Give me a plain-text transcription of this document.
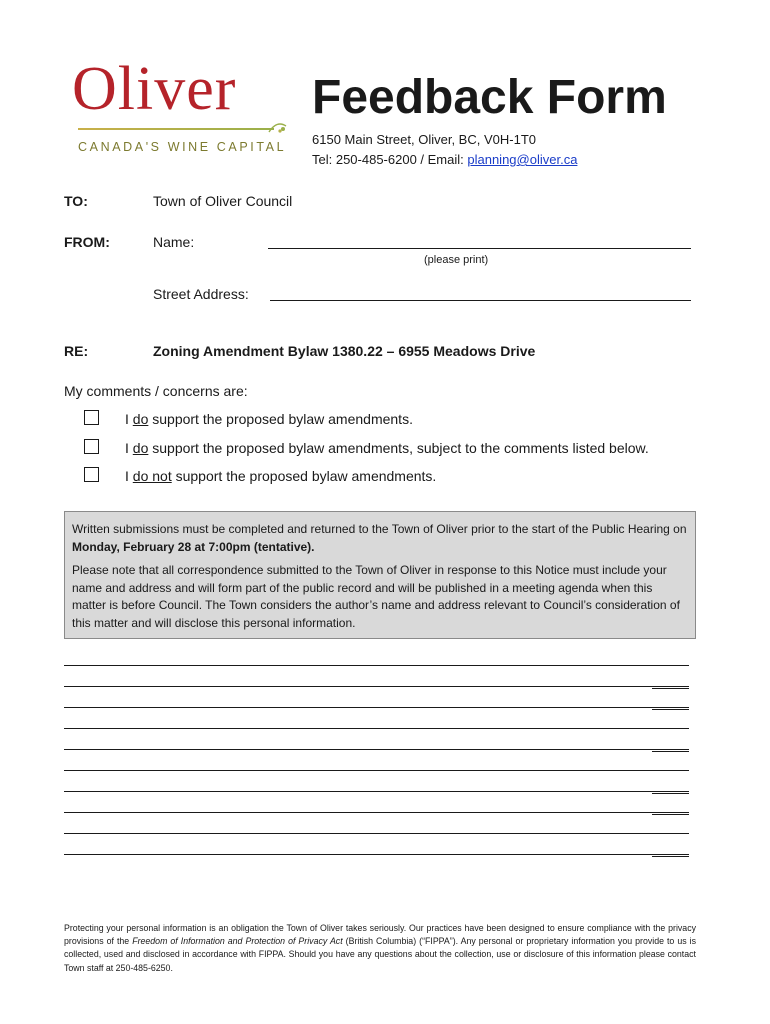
Oliver
CANADA'S WINE CAPITAL
Feedback Form
6150 Main Street, Oliver, BC, V0H-1T0
Tel: 250-485-6200 / Email: planning@oliver.ca
TO:	Town of Oliver Council
FROM:	Name:
(please print)
Street Address:
RE:	Zoning Amendment Bylaw 1380.22 – 6955 Meadows Drive
My comments / concerns are:
I do support the proposed bylaw amendments.
I do support the proposed bylaw amendments, subject to the comments listed below.
I do not support the proposed bylaw amendments.

Written submissions must be completed and returned to the Town of Oliver prior to the start of the Public Hearing on Monday, February 28 at 7:00pm (tentative).

Please note that all correspondence submitted to the Town of Oliver in response to this Notice must include your name and address and will form part of the public record and will be published in a meeting agenda when this matter is before Council. The Town considers the author’s name and address relevant to Council’s consideration of this matter and will disclose this personal information.

Protecting your personal information is an obligation the Town of Oliver takes seriously. Our practices have been designed to ensure compliance with the privacy provisions of the Freedom of Information and Protection of Privacy Act (British Columbia) (“FIPPA”). Any personal or proprietary information you provide to us is collected, used and disclosed in accordance with FIPPA. Should you have any questions about the collection, use or disclosure of this information please contact Town staff at 250-485-6250.
